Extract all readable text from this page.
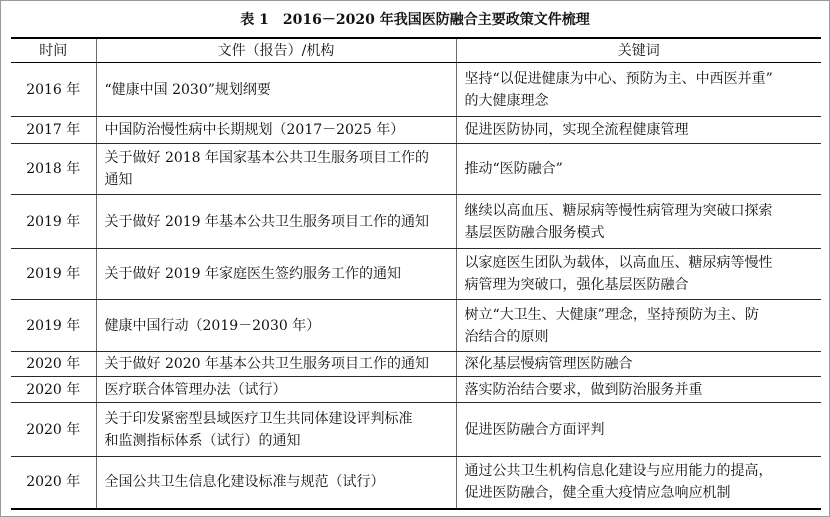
表 1　2016－2020 年我国医防融合主要政策文件梳理
时间	文件（报告）/机构	关键词
2016 年	“健康中国 2030”规划纲要	坚持“以促进健康为中心、预防为主、中西医并重”
的大健康理念
2017 年	中国防治慢性病中长期规划（2017－2025 年）	促进医防协同，实现全流程健康管理
2018 年	关于做好 2018 年国家基本公共卫生服务项目工作的
通知	推动“医防融合”
2019 年	关于做好 2019 年基本公共卫生服务项目工作的通知	继续以高血压、糖尿病等慢性病管理为突破口探索
基层医防融合服务模式
2019 年	关于做好 2019 年家庭医生签约服务工作的通知	以家庭医生团队为载体，以高血压、糖尿病等慢性
病管理为突破口，强化基层医防融合
2019 年	健康中国行动（2019－2030 年）	树立“大卫生、大健康”理念，坚持预防为主、防
治结合的原则
2020 年	关于做好 2020 年基本公共卫生服务项目工作的通知	深化基层慢病管理医防融合
2020 年	医疗联合体管理办法（试行）	落实防治结合要求，做到防治服务并重
2020 年	关于印发紧密型县域医疗卫生共同体建设评判标准
和监测指标体系（试行）的通知	促进医防融合方面评判
2020 年	全国公共卫生信息化建设标准与规范（试行）	通过公共卫生机构信息化建设与应用能力的提高，
促进医防融合，健全重大疫情应急响应机制
